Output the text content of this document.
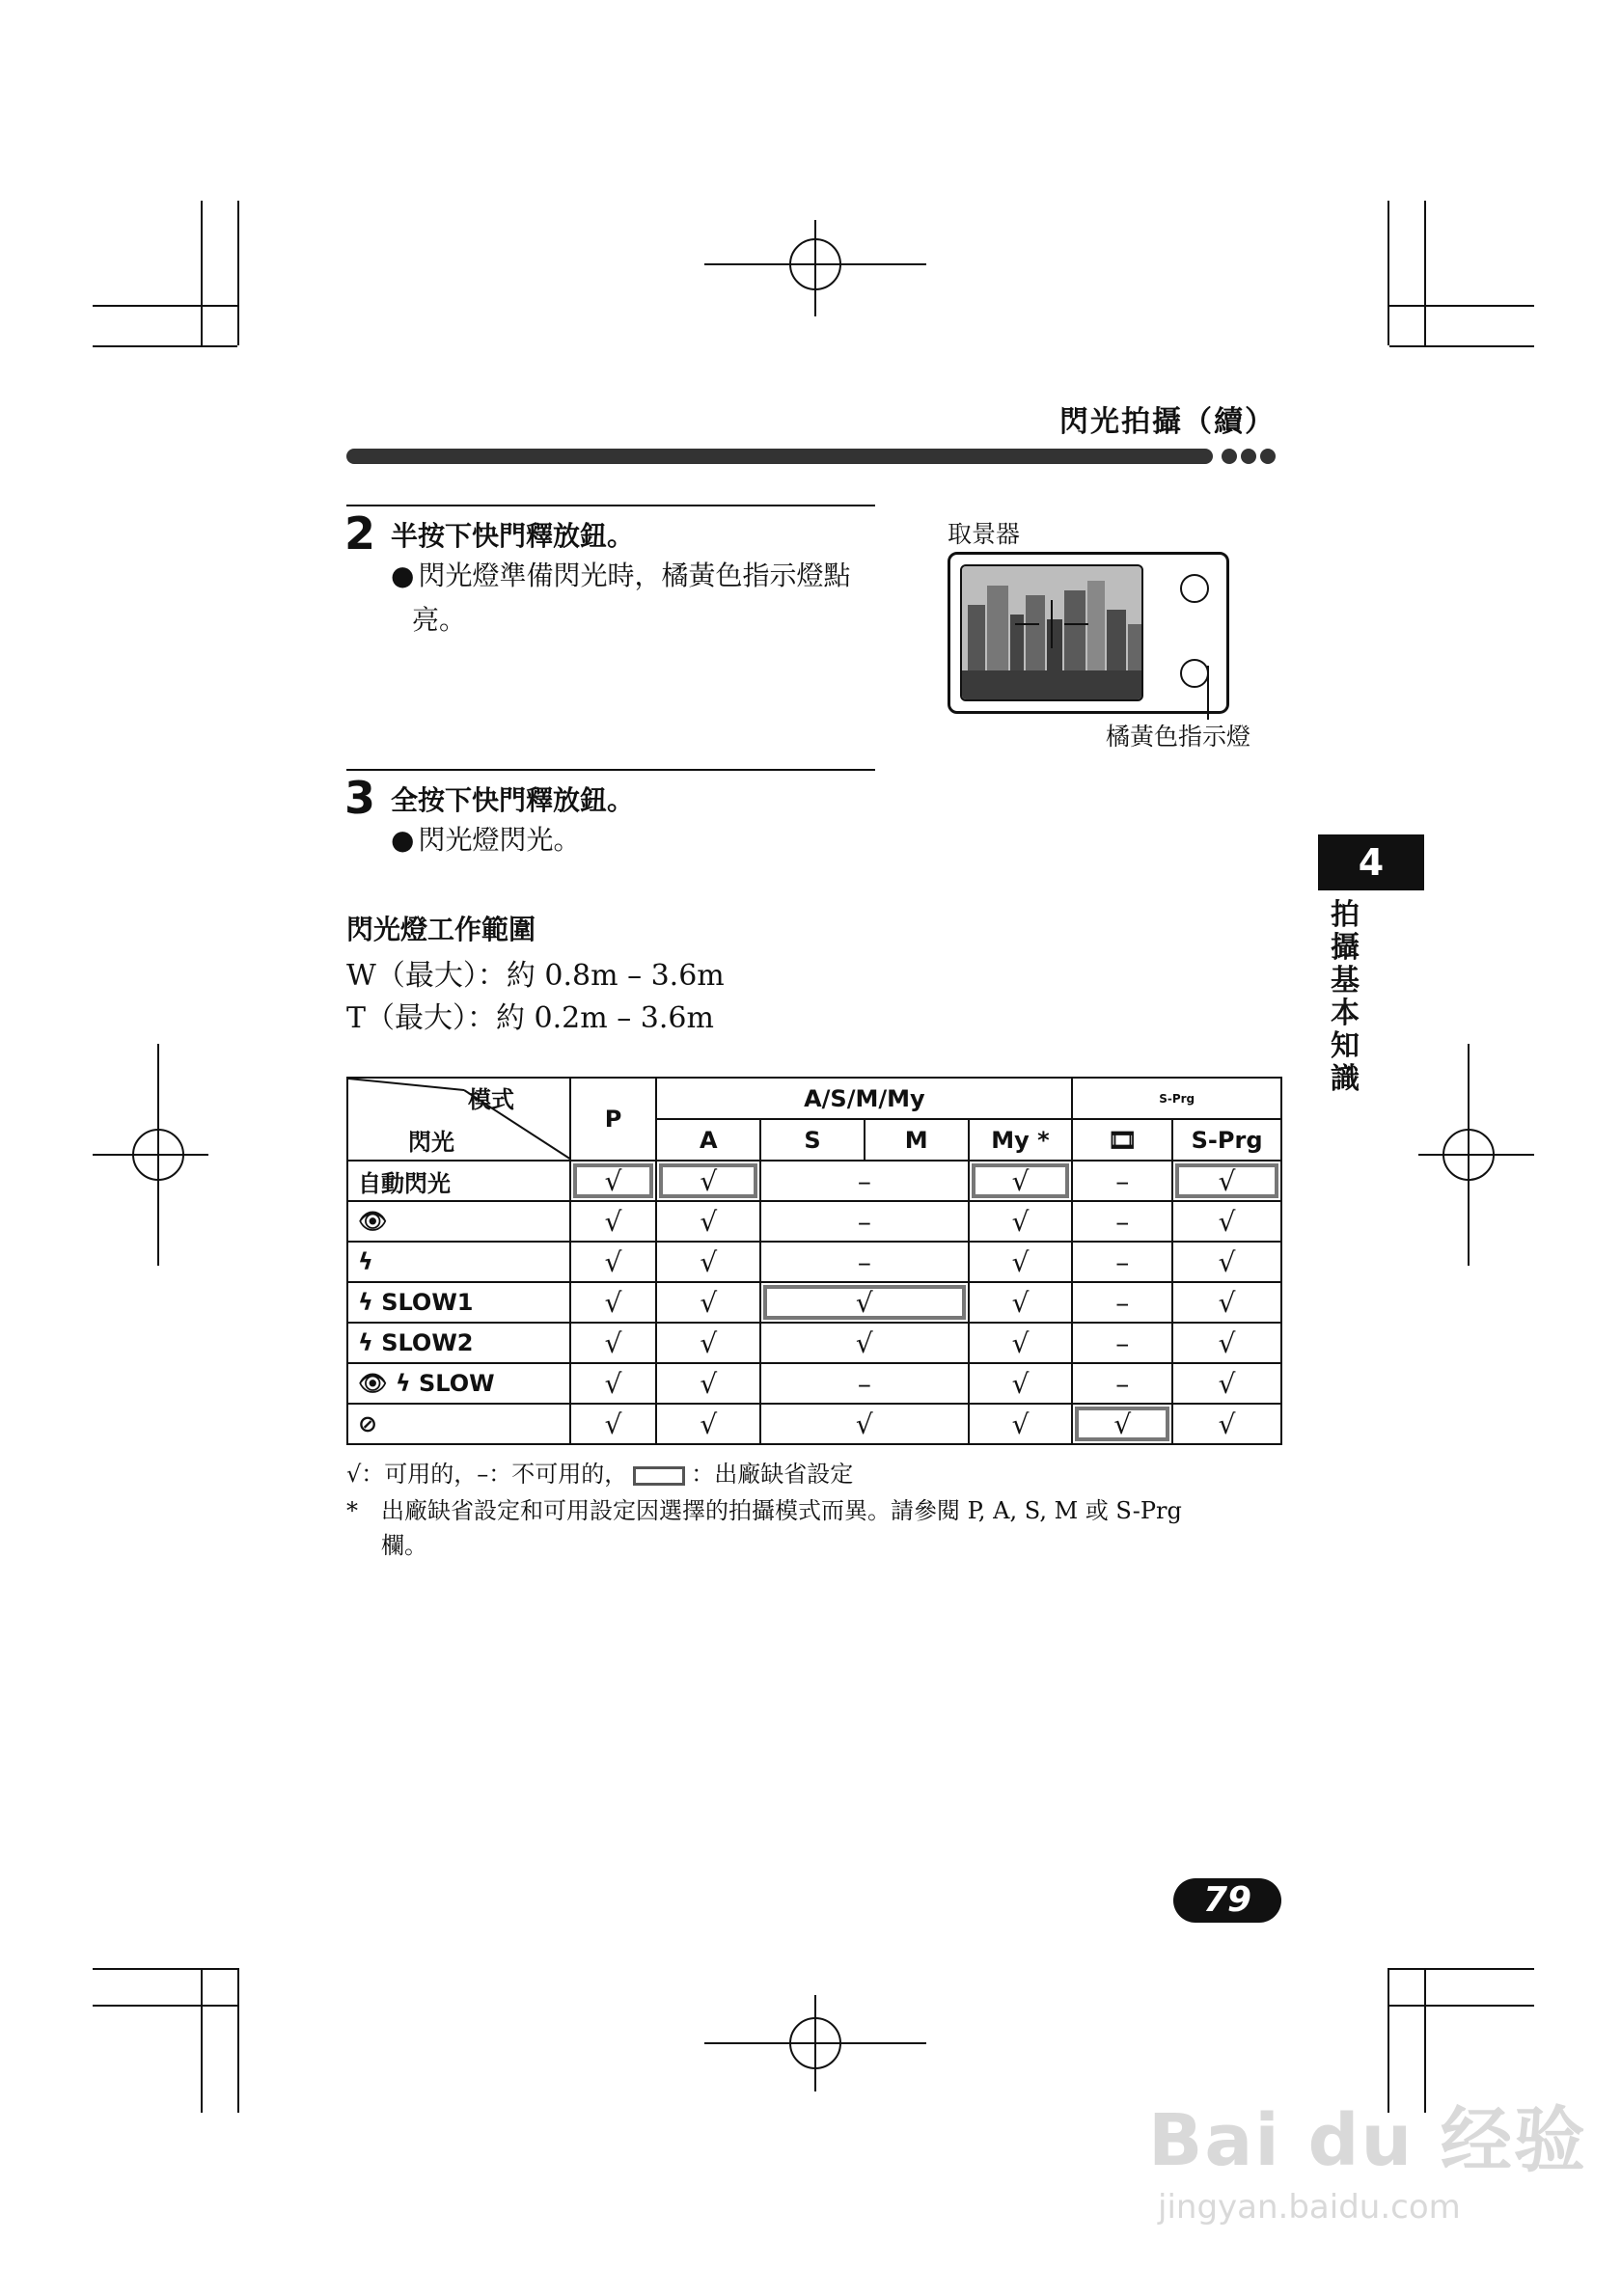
閃光拍攝（續）
2 半按下快門釋放鈕。
● 閃光燈準備閃光時，橘黃色指示燈點
亮。
取景器
橘黃色指示燈
3 全按下快門釋放鈕。
● 閃光燈閃光。
4
拍
攝
基
本
知
識
閃光燈工作範圍
W（最大）：約 0.8m – 3.6m
T（最大）：約 0.2m – 3.6m
模式
閃光	P	A/S/M/My				S-Prg	
		A	S	M	My *	🎞	S-Prg
自動閃光	√	√	–		√	–	√
👁	√	√	–		√	–	√
ϟ	√	√	–		√	–	√
ϟ SLOW1	√	√	√		√	–	√
ϟ SLOW2	√	√	√		√	–	√
👁 ϟ SLOW	√	√	–		√	–	√
⊘	√	√	√		√	√	√
√：可用的，–：不可用的，	：出廠缺省設定
*　出廠缺省設定和可用設定因選擇的拍攝模式而異。請參閱 P, A, S, M 或 S-Prg
欄。
79
Bai du 经验
jingyan.baidu.com
